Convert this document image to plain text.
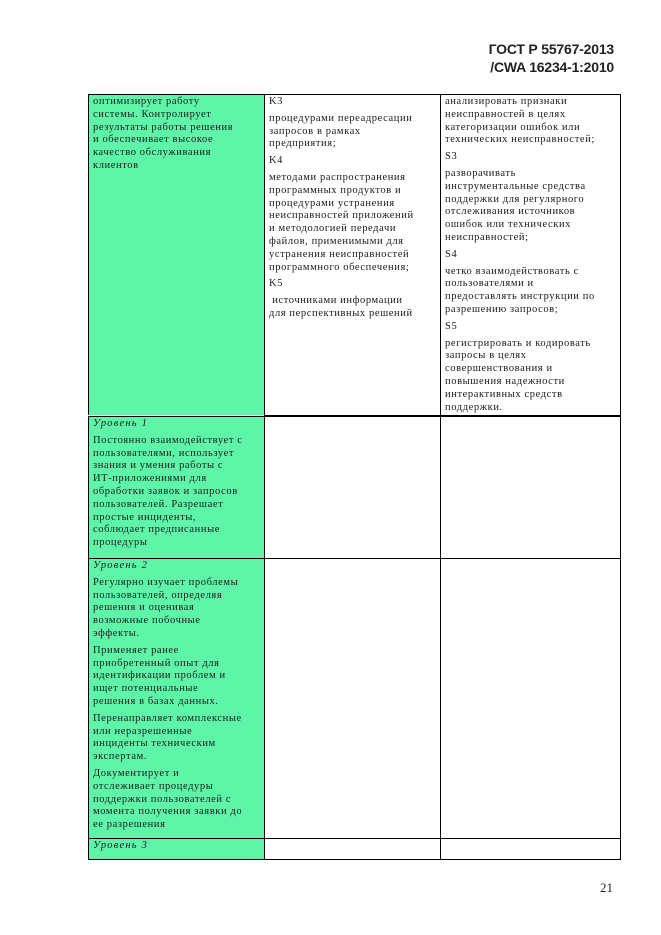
ГОСТ Р 55767-2013
/CWA 16234-1:2010

оптимизирует работу

системы. Контролирует

результаты работы решения

и обеспечивает высокое

качество обслуживания

клиентов

K3

процедурами переадресации

запросов в рамках

предприятия;

K4

методами распространения

программных продуктов и

процедурами устранения

неисправностей приложений

и методологией передачи

файлов, применимыми для

устранения неисправностей

программного обеспечения;

K5

источниками информации

для перспективных решений

анализировать признаки

неисправностей в целях

категоризации ошибок или

технических неисправностей;

S3

разворачивать

инструментальные средства

поддержки для регулярного

отслеживания источников

ошибок или технических

неисправностей;

S4

четко взаимодействовать с

пользователями и

предоставлять инструкции по

разрешению запросов;

S5

регистрировать и кодировать

запросы в целях

совершенствования и

повышения надежности

интерактивных средств

поддержки.

Уровень 1

Постоянно взаимодействует с

пользователями, использует

знания и умения работы с

ИТ-приложениями для

обработки заявок и запросов

пользователей. Разрешает

простые инциденты,

соблюдает предписанные

процедуры

Уровень 2

Регулярно изучает проблемы

пользователей, определяя

решения и оценивая

возможные побочные

эффекты.

Применяет ранее

приобретенный опыт для

идентификации проблем и

ищет потенциальные

решения в базах данных.

Перенаправляет комплексные

или неразрешенные

инциденты техническим

экспертам.

Документирует и

отслеживает процедуры

поддержки пользователей с

момента получения заявки до

ее разрешения

Уровень 3

21
